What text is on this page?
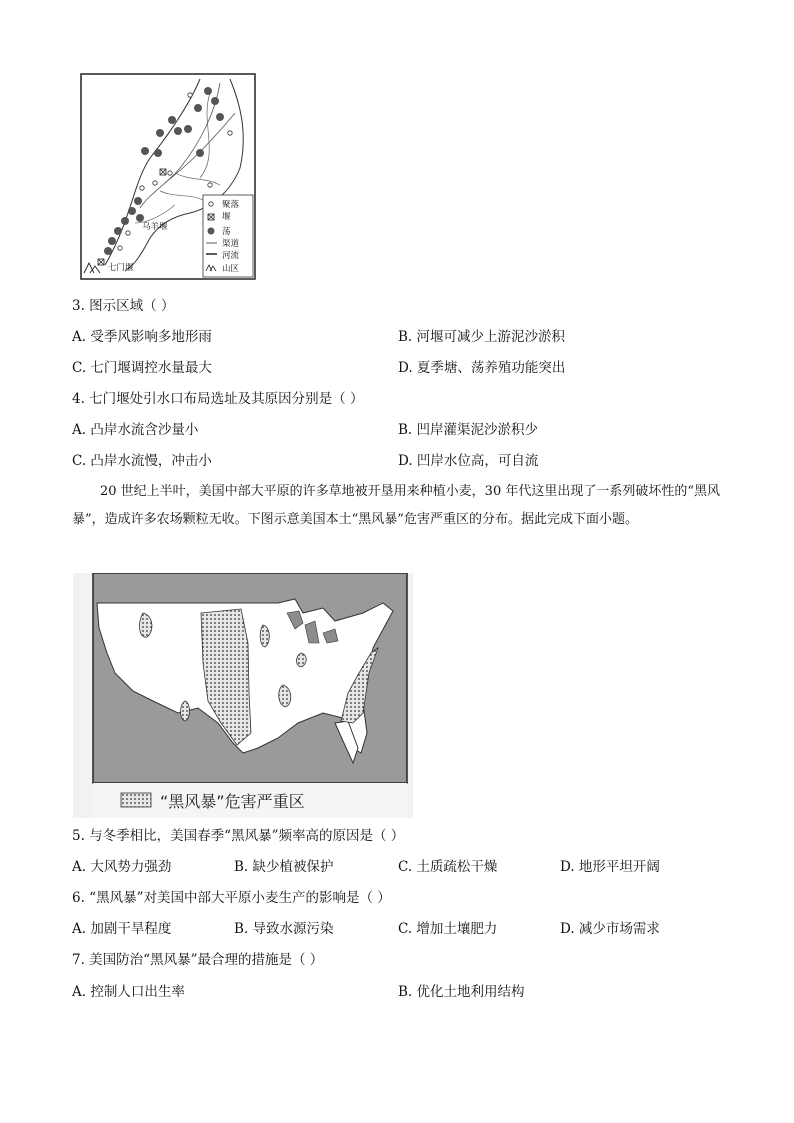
聚落
堰
荡
渠道
河流
山区
乌羊堰
七门堰
3. 图示区域（ ）
A. 受季风影响多地形雨	B. 河堰可减少上游泥沙淤积
C. 七门堰调控水量最大	D. 夏季塘、荡养殖功能突出
4. 七门堰处引水口布局选址及其原因分别是（ ）
A. 凸岸水流含沙量小	B. 凹岸灌渠泥沙淤积少
C. 凸岸水流慢，冲击小	D. 凹岸水位高，可自流
20 世纪上半叶，美国中部大平原的许多草地被开垦用来种植小麦，30 年代这里出现了一系列破坏性的“黑风暴”，造成许多农场颗粒无收。下图示意美国本土“黑风暴”危害严重区的分布。据此完成下面小题。
“黑风暴”危害严重区
5. 与冬季相比，美国春季“黑风暴”频率高的原因是（ ）
A. 大风势力强劲	B. 缺少植被保护	C. 土质疏松干燥	D. 地形平坦开阔
6. “黑风暴”对美国中部大平原小麦生产的影响是（ ）
A. 加剧干旱程度	B. 导致水源污染	C. 增加土壤肥力	D. 减少市场需求
7. 美国防治“黑风暴”最合理的措施是（ ）
A. 控制人口出生率	B. 优化土地利用结构
